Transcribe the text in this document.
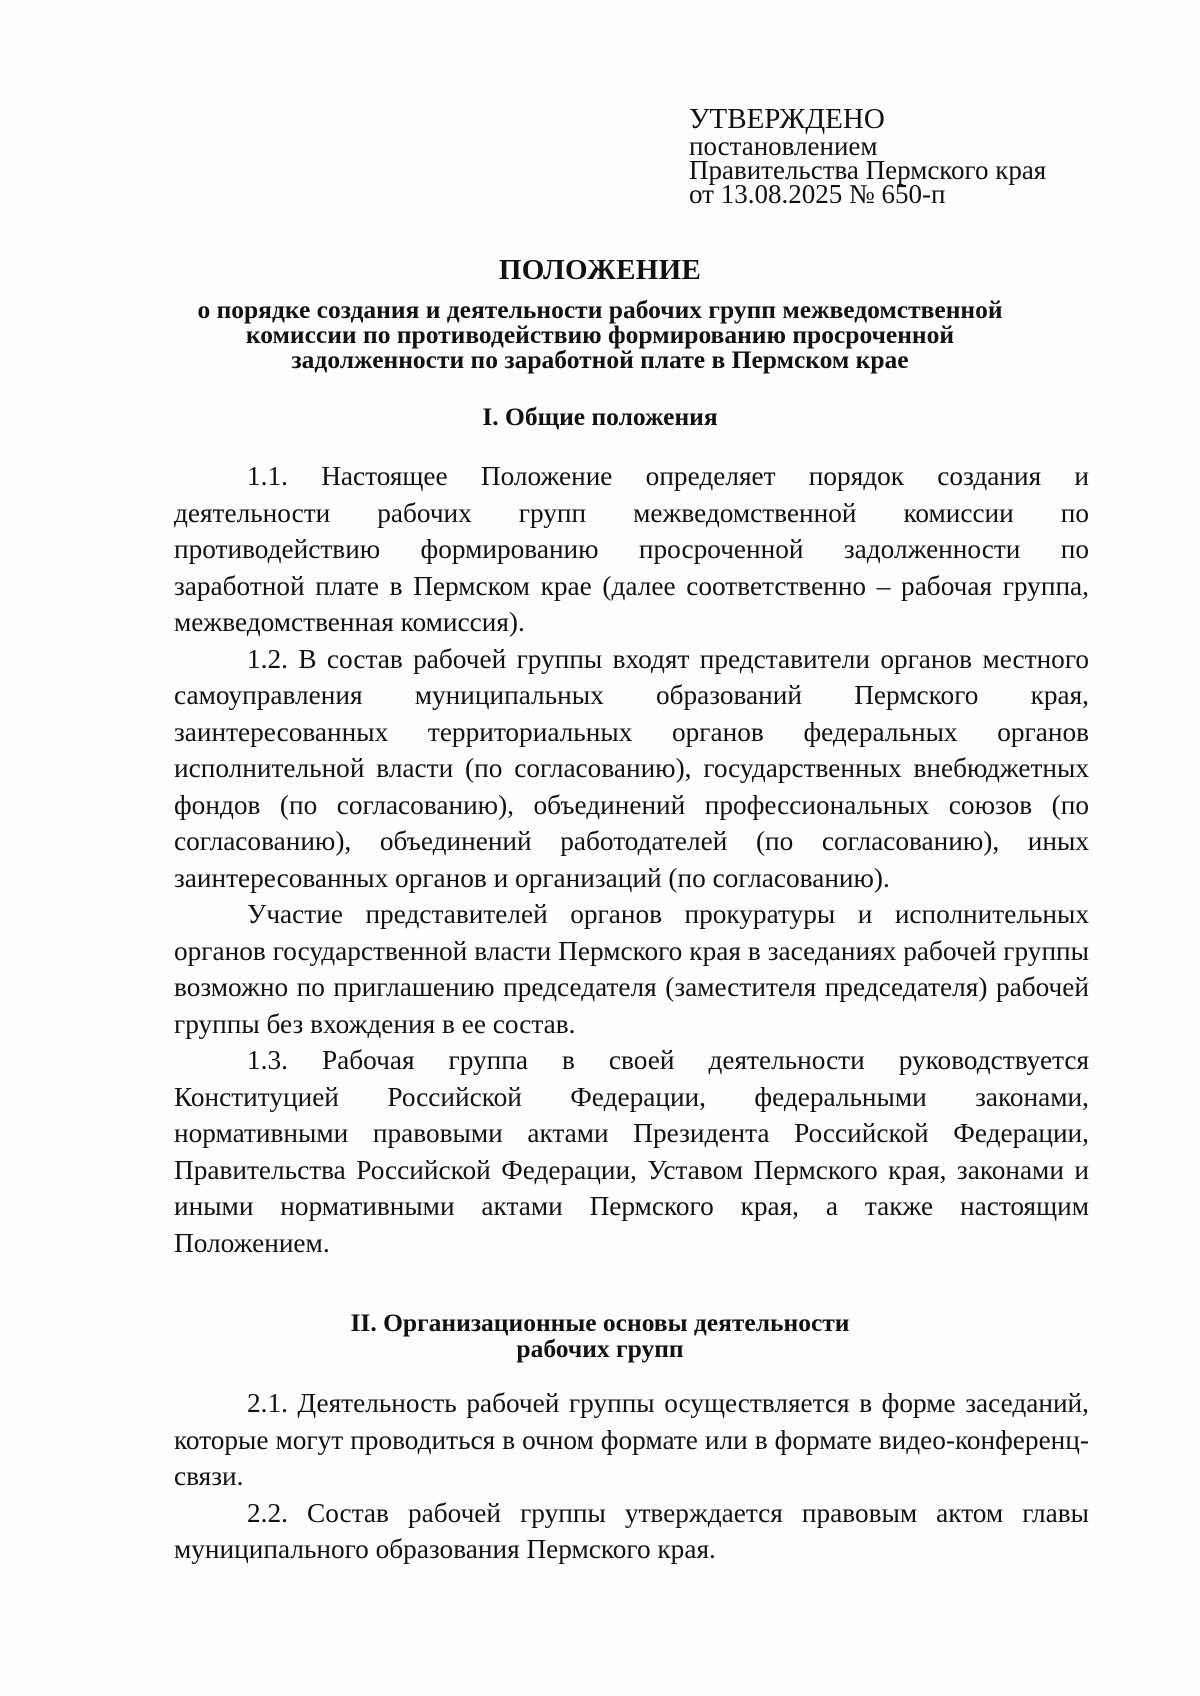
УТВЕРЖДЕНО
постановлением
Правительства Пермского края
от 13.08.2025 № 650-п
ПОЛОЖЕНИЕ
о порядке создания и деятельности рабочих групп межведомственной
комиссии по противодействию формированию просроченной
задолженности по заработной плате в Пермском крае
I. Общие положения

1.1. Настоящее Положение определяет порядок создания и деятельности рабочих групп межведомственной комиссии по противодействию формированию просроченной задолженности по заработной плате в Пермском крае (далее соответственно – рабочая группа, межведомственная комиссия).

1.2. В состав рабочей группы входят представители органов местного самоуправления муниципальных образований Пермского края, заинтересованных территориальных органов федеральных органов исполнительной власти (по согласованию), государственных внебюджетных фондов (по согласованию), объединений профессиональных союзов (по согласованию), объединений работодателей (по согласованию), иных заинтересованных органов и организаций (по согласованию).

Участие представителей органов прокуратуры и исполнительных органов государственной власти Пермского края в заседаниях рабочей группы возможно по приглашению председателя (заместителя председателя) рабочей группы без вхождения в ее состав.

1.3. Рабочая группа в своей деятельности руководствуется Конституцией Российской Федерации, федеральными законами, нормативными правовыми актами Президента Российской Федерации, Правительства Российской Федерации, Уставом Пермского края, законами и иными нормативными актами Пермского края, а также настоящим Положением.

II. Организационные основы деятельности
рабочих групп

2.1. Деятельность рабочей группы осуществляется в форме заседаний, которые могут проводиться в очном формате или в формате видео-конференц-связи.

2.2. Состав рабочей группы утверждается правовым актом главы муниципального образования Пермского края.
